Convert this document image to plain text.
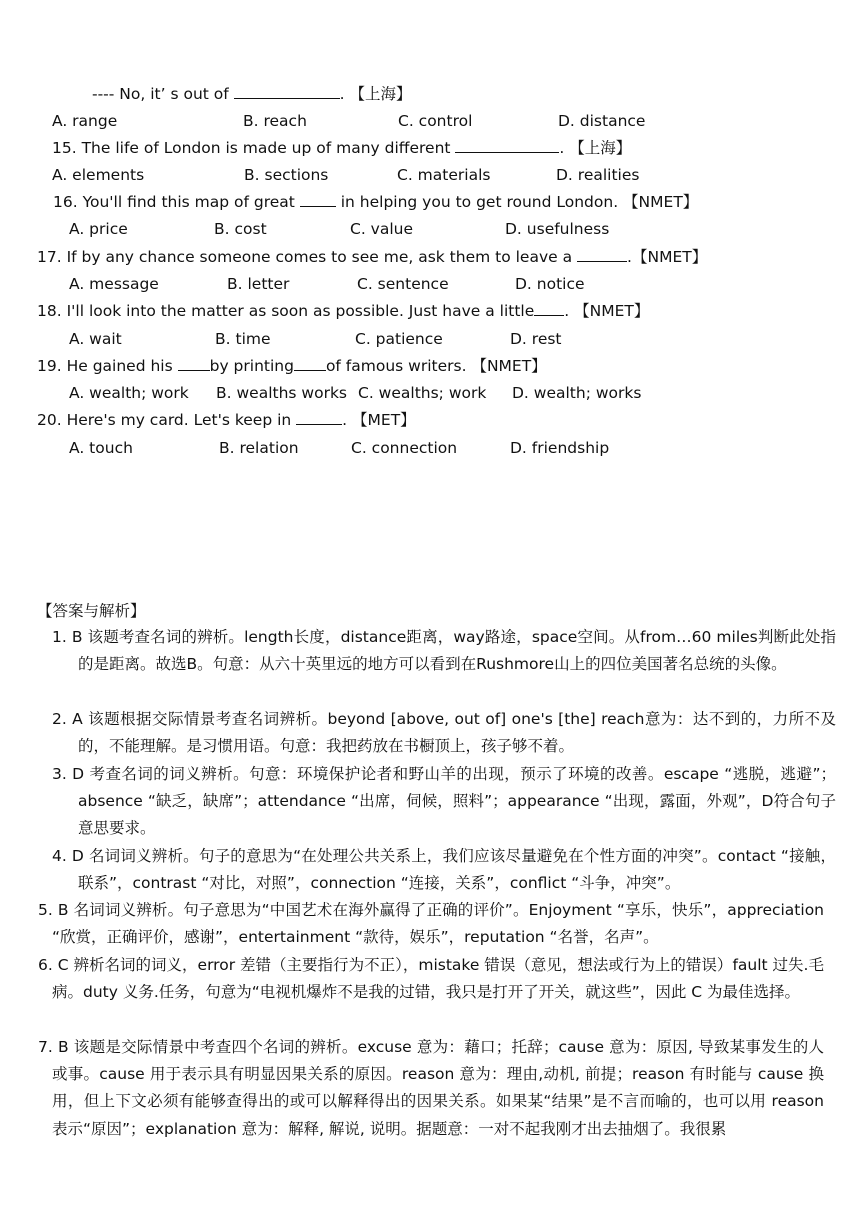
---- No, it’ s out of	. 【上海】
A. range	B. reach	C. control	D. distance
15. The life of London is made up of many different	. 【上海】
A. elements	B. sections	C. materials	D. realities
16. You'll find this map of great  in helping you to get round London. 【NMET】
A. price	B. cost	C. value	D. usefulness
17. If by any chance someone comes to see me, ask them to leave a	.【NMET】
A. message	B. letter	C. sentence	D. notice
18. I'll look into the matter as soon as possible. Just have a little . 【NMET】
A. wait	B. time	C. patience	D. rest
19. He gained his by printing of famous writers. 【NMET】
A. wealth; work B. wealths works C. wealths; work D. wealth; works
20. Here's my card. Let's keep in	. 【MET】
A. touch	B. relation	C. connection	D. friendship
【答案与解析】
1. B 该题考查名词的辨析。length长度，distance距离，way路途，space空间。从from…60 miles判断此处指的是距离。故选B。句意：从六十英里远的地方可以看到在Rushmore山上的四位美国著名总统的头像。
2. A 该题根据交际情景考查名词辨析。beyond [above, out of] one's [the] reach意为：达不到的，力所不及的，不能理解。是习惯用语。句意：我把药放在书橱顶上，孩子够不着。
3. D 考查名词的词义辨析。句意：环境保护论者和野山羊的出现，预示了环境的改善。escape “逃脱，逃避”；absence “缺乏，缺席”；attendance “出席，伺候，照料”；appearance “出现，露面，外观”，D符合句子意思要求。
4. D 名词词义辨析。句子的意思为“在处理公共关系上，我们应该尽量避免在个性方面的冲突”。contact “接触，联系”，contrast “对比，对照”，connection “连接，关系”，conflict “斗争，冲突”。
5. B 名词词义辨析。句子意思为“中国艺术在海外赢得了正确的评价”。Enjoyment “享乐，快乐”，appreciation “欣赏，正确评价，感谢”，entertainment “款待，娱乐”，reputation “名誉，名声”。
6. C 辨析名词的词义，error 差错（主要指行为不正），mistake 错误（意见，想法或行为上的错误）fault 过失.毛病。duty 义务.任务，句意为“电视机爆炸不是我的过错，我只是打开了开关，就这些”，因此 C 为最佳选择。
7. B 该题是交际情景中考查四个名词的辨析。excuse 意为：藉口；托辞；cause 意为：原因, 导致某事发生的人或事。cause 用于表示具有明显因果关系的原因。reason 意为：理由,动机, 前提；reason 有时能与 cause 换用，但上下文必须有能够查得出的或可以解释得出的因果关系。如果某“结果”是不言而喻的，也可以用 reason 表示“原因”；explanation 意为：解释, 解说, 说明。据题意：一对不起我刚才出去抽烟了。我很累
